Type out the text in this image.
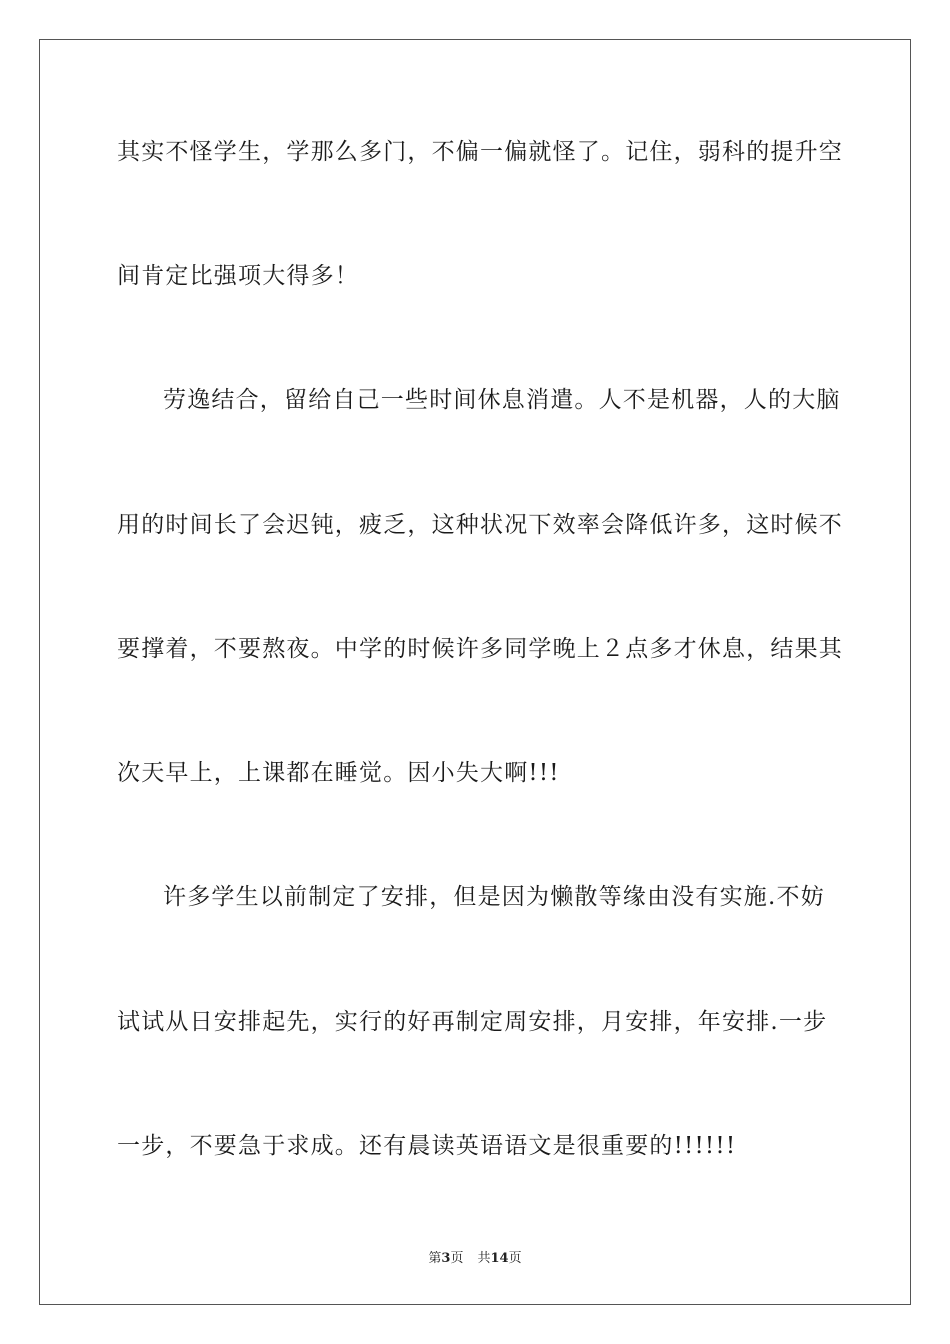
其实不怪学生，学那么多门，不偏一偏就怪了。记住，弱科的提升空
间肯定比强项大得多！
劳逸结合，留给自己一些时间休息消遣。人不是机器，人的大脑
用的时间长了会迟钝，疲乏，这种状况下效率会降低许多，这时候不
要撑着，不要熬夜。中学的时候许多同学晚上２点多才休息，结果其
次天早上，上课都在睡觉。因小失大啊!!!
许多学生以前制定了安排，但是因为懒散等缘由没有实施.不妨
试试从日安排起先，实行的好再制定周安排，月安排，年安排.一步
一步，不要急于求成。还有晨读英语语文是很重要的!!!!!!
第3页 共14页
